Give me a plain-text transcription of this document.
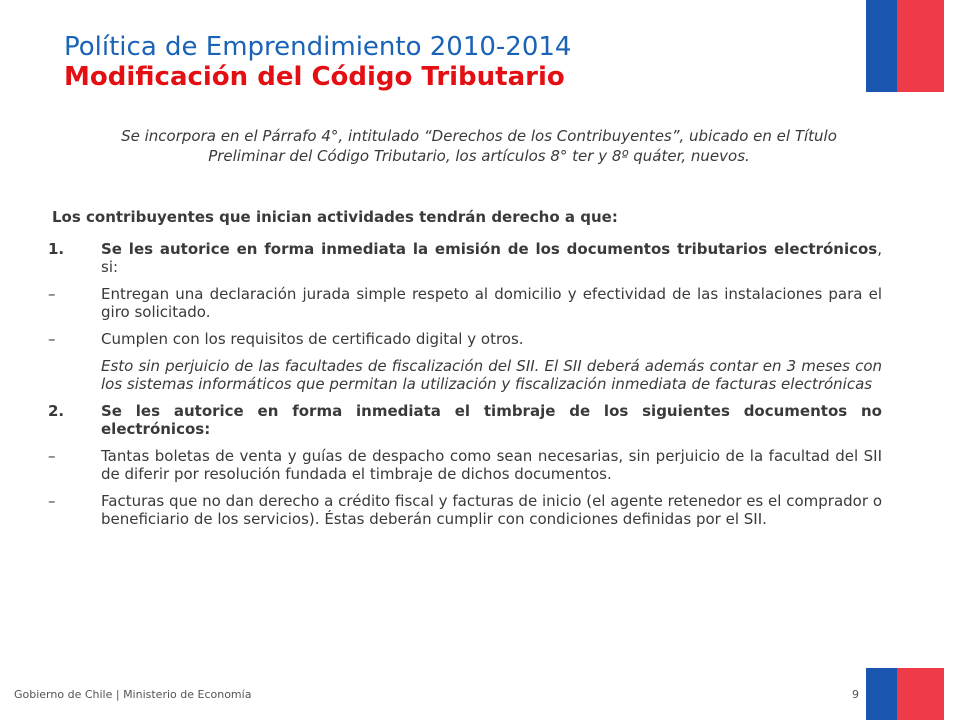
Política de Emprendimiento 2010-2014
Modificación del Código Tributario
Se incorpora en el Párrafo 4°, intitulado “Derechos de los Contribuyentes”, ubicado en el Título Preliminar del Código Tributario, los artículos 8° ter y 8º quáter, nuevos.
Los contribuyentes que inician actividades tendrán derecho a que:
1.	Se les autorice en forma inmediata la emisión de los documentos tributarios electrónicos, si:
–	Entregan una declaración jurada simple respeto al domicilio y efectividad de las instalaciones para el giro solicitado.
–	Cumplen con los requisitos de certificado digital y otros.
Esto sin perjuicio de las facultades de fiscalización del SII. El SII deberá además contar en 3 meses con los sistemas informáticos que permitan la utilización y fiscalización inmediata de facturas electrónicas
2.	Se les autorice en forma inmediata el timbraje de los siguientes documentos no electrónicos:
–	Tantas boletas de venta y guías de despacho como sean necesarias, sin perjuicio de la facultad del SII de diferir por resolución fundada el timbraje de dichos documentos.
–	Facturas que no dan derecho a crédito fiscal y facturas de inicio (el agente retenedor es el comprador o beneficiario de los servicios). Éstas deberán cumplir con condiciones definidas por el SII.
Gobierno de Chile | Ministerio de Economía	9
